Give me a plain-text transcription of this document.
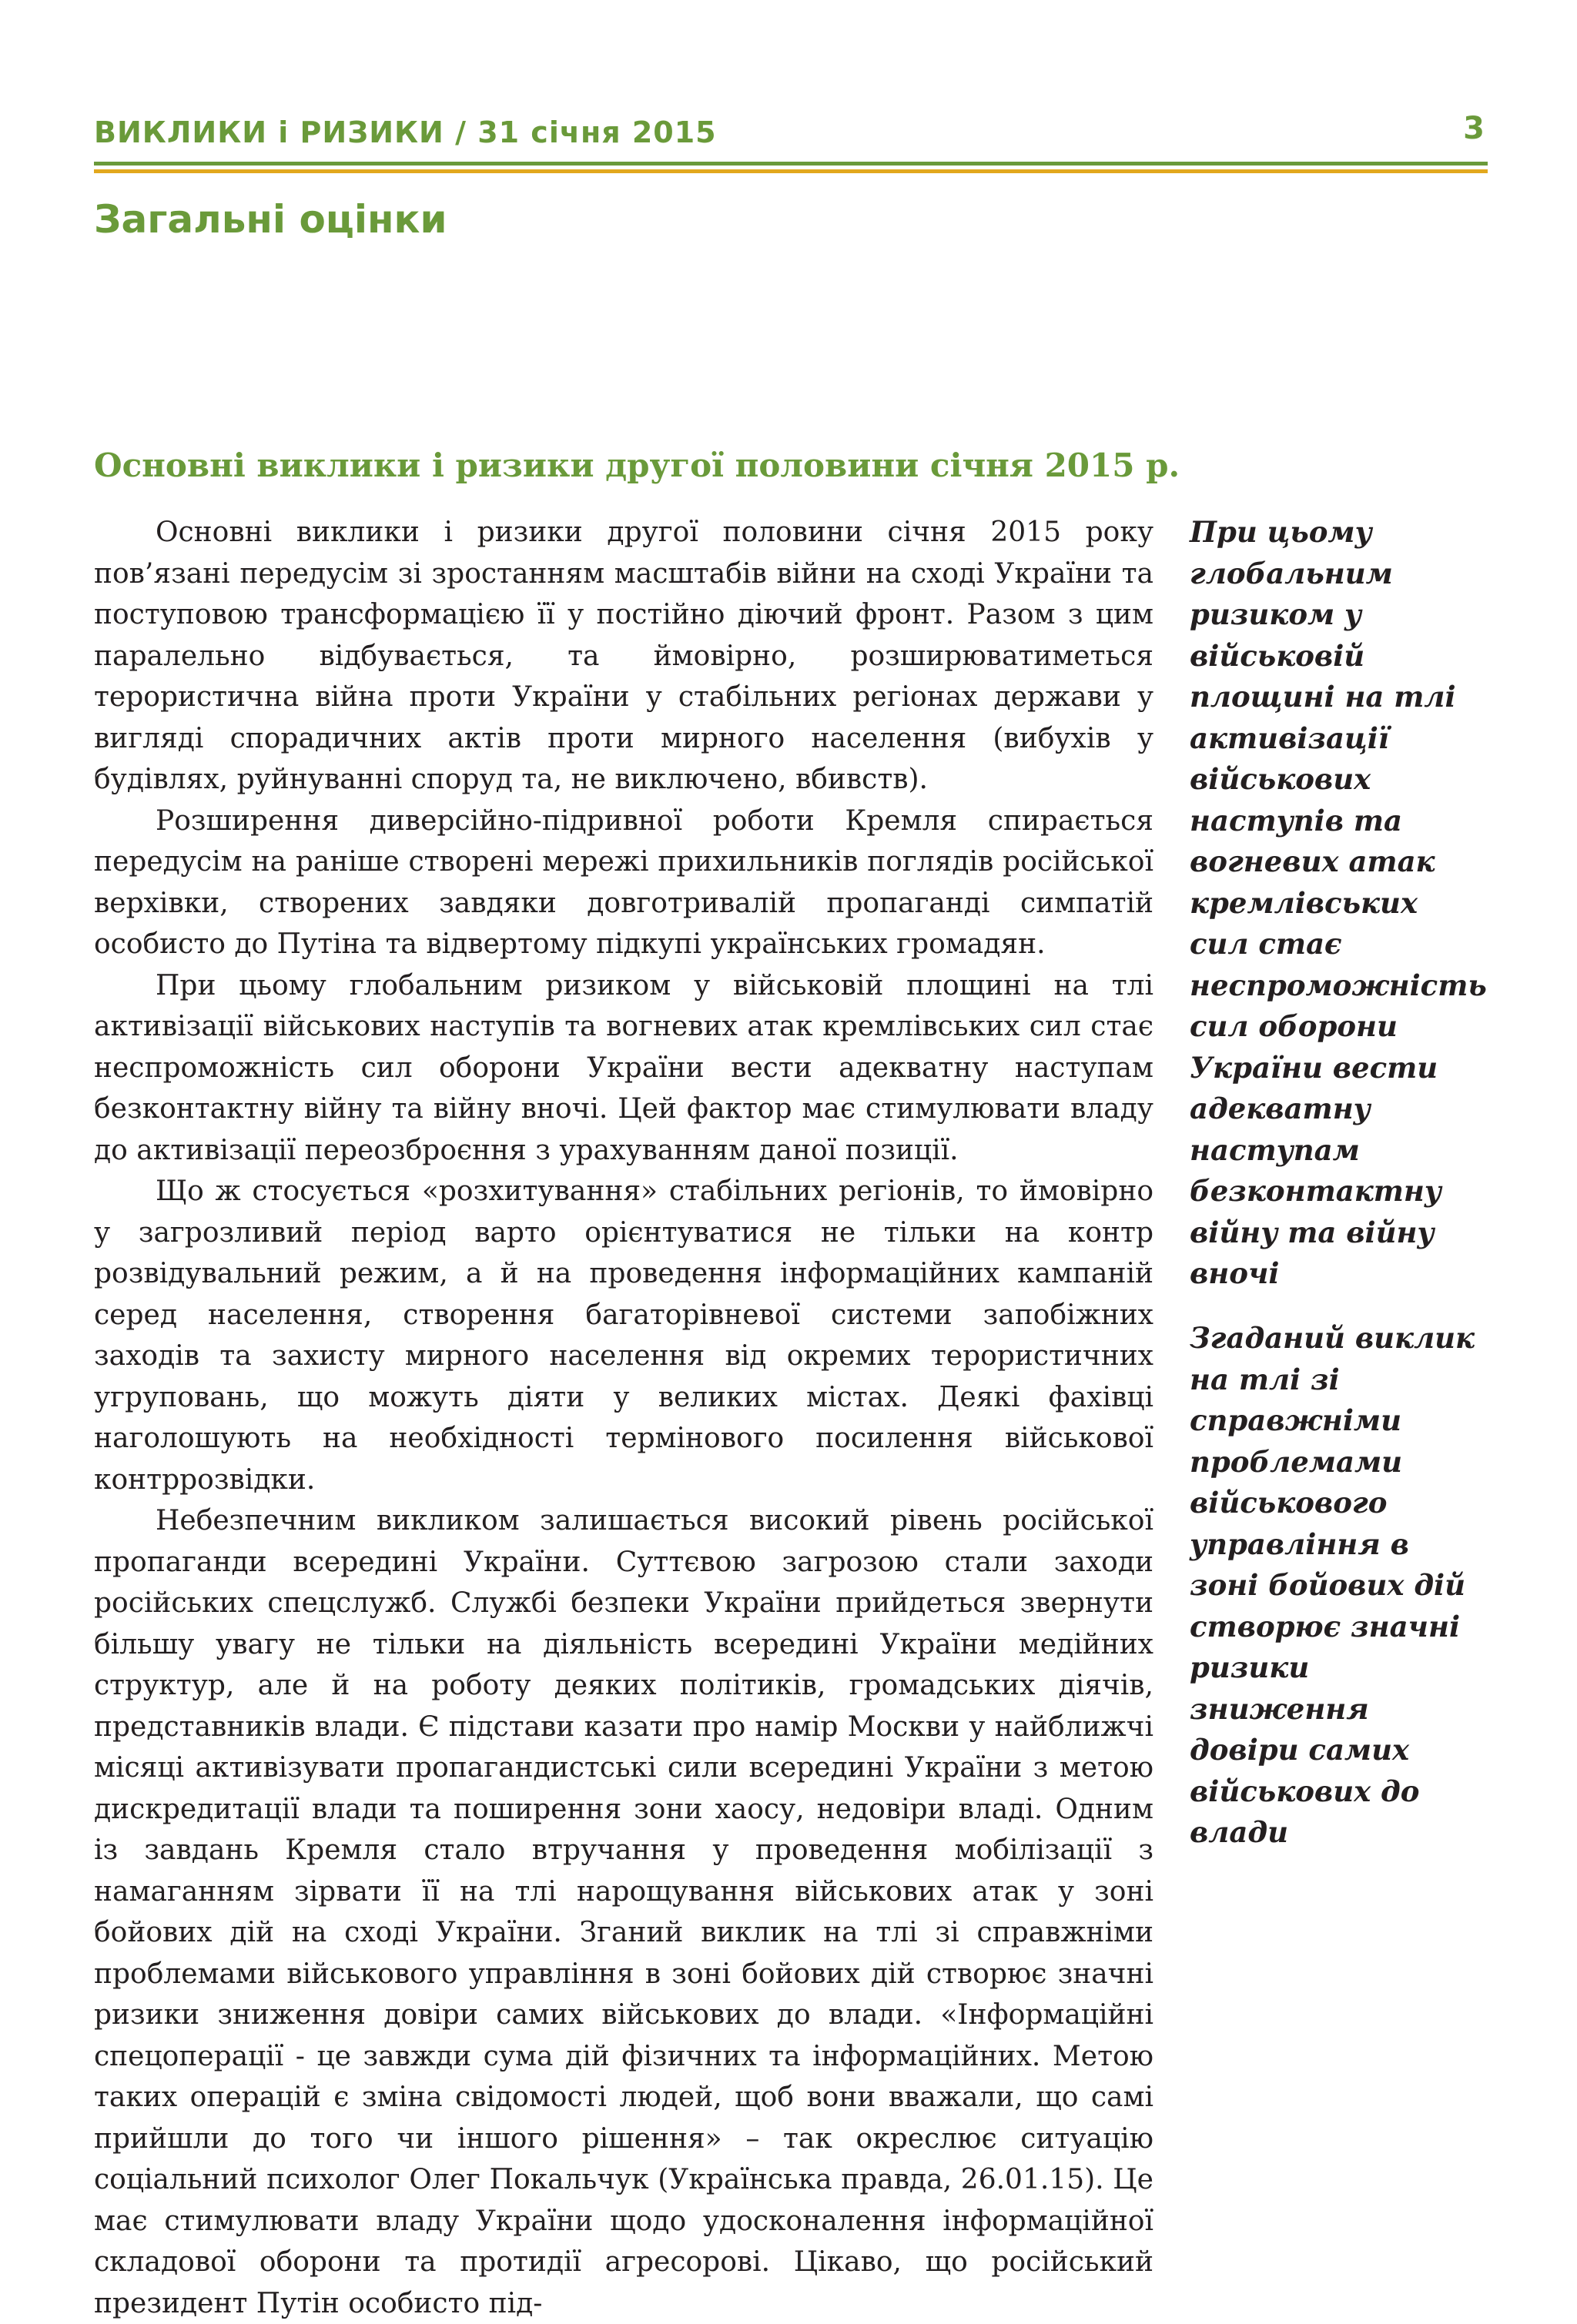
ВИКЛИКИ і РИЗИКИ / 31 січня 2015	3
Загальні оцінки
Основні виклики і ризики другої половини січня 2015 р.

Основні виклики і ризики другої половини січня 2015 року пов’язані передусім зі зростанням масштабів війни на сході України та поступовою трансформацією її у постійно діючий фронт. Разом з цим паралельно відбувається, та ймовірно, розширюватиметься терористична війна проти України у стабільних регіонах держави у вигляді спорадичних актів проти мирного населення (вибухів у будівлях, руйнуванні споруд та, не виключено, вбивств).

Розширення диверсійно-підривної роботи Кремля спирається передусім на раніше створені мережі прихильників поглядів російської верхівки, створених завдяки довготривалій пропаганді симпатій особисто до Путіна та відвертому підкупі українських громадян.

При цьому глобальним ризиком у військовій площині на тлі активізації військових наступів та вогневих атак кремлівських сил стає неспроможність сил оборони України вести адекватну наступам безконтактну війну та війну вночі. Цей фактор має стимулювати владу до активізації переозброєння з урахуванням даної позиції.

Що ж стосується «розхитування» стабільних регіонів, то ймовірно у загрозливий період варто орієнтуватися не тільки на контр розвідувальний режим, а й на проведення інформаційних кампаній серед населення, створення багаторівневої системи запобіжних заходів та захисту мирного населення від окремих терористичних угруповань, що можуть діяти у великих містах. Деякі фахівці наголошують на необхідності термінового посилення військової контррозвідки.

Небезпечним викликом залишається високий рівень російської пропаганди всередині України. Суттєвою загрозою стали заходи російських спецслужб. Службі безпеки України прийдеться звернути більшу увагу не тільки на діяльність всередині України медійних структур, але й на роботу деяких політиків, громадських діячів, представників влади. Є підстави казати про намір Москви у найближчі місяці активізувати пропагандистські сили всередині України з метою дискредитації влади та поширення зони хаосу, недовіри владі. Одним із завдань Кремля стало втручання у проведення мобілізації з намаганням зірвати її на тлі нарощування військових атак у зоні бойових дій на сході України. Зганий виклик на тлі зі справжніми проблемами військового управління в зоні бойових дій створює значні ризики зниження довіри самих військових до влади. «Інформаційні спецоперації - це завжди сума дій фізичних та інформаційних. Метою таких операцій є зміна свідомості людей, щоб вони вважали, що самі прийшли до того чи іншого рішення» – так окреслює ситуацію соціальний психолог Олег Покальчук (Українська правда, 26.01.15). Це має стимулювати владу України щодо удосконалення інформаційної складової оборони та протидії агресорові. Цікаво, що російський президент Путін особисто під-

При цьому глобальним ризиком у військовій площині на тлі активізації військових наступів та вогневих атак кремлівських сил стає неспроможність сил оборони України вести адекватну наступам безконтактну війну та війну вночі

Згаданий виклик на тлі зі справжніми проблемами військового управління в зоні бойових дій створює значні ризики зниження довіри самих військових до влади
